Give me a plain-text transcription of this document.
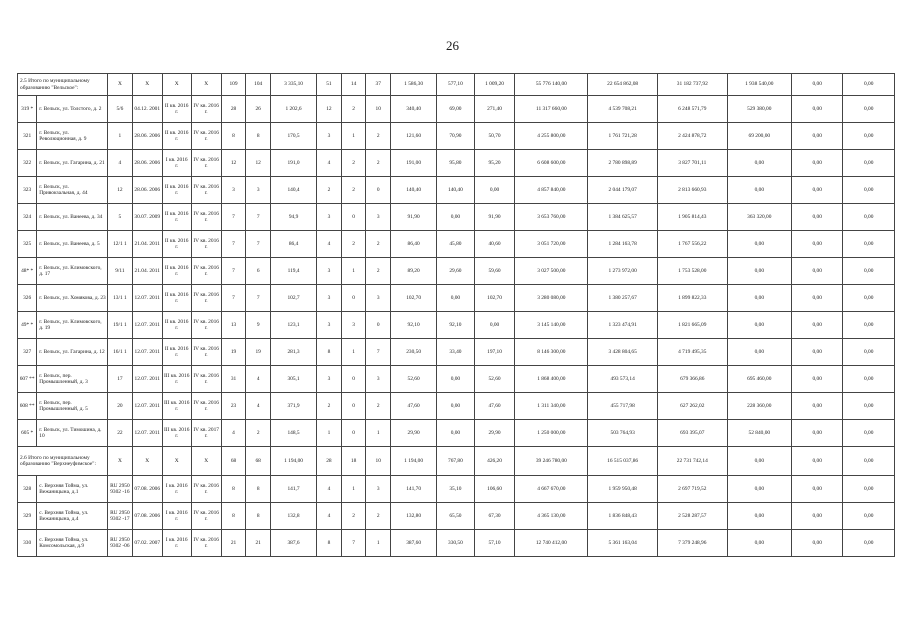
26
2.5 Итого по муниципальному образованию "Вельское":		X	X	X	X	109	104	3 335,10	51	14	37	1 586,30	577,10	1 009,20	55 776 140,00	22 654 862,08	31 182 737,92	1 938 540,00	0,00	0,00
319 *	г. Вельск, ул. Толстого, д. 2	5/6	04.12. 2001	II кв. 2016 г.	IV кв. 2016 г.	28	26	1 202,6	12	2	10	340,40	69,00	271,40	11 317 660,00	4 539 708,21	6 248 571,79	529 380,00	0,00	0,00
321	г. Вельск, ул. Революционная, д. 9	1	28.06. 2006	II кв. 2016 г.	IV кв. 2016 г.	8	8	170,5	3	1	2	121,60	70,90	50,70	4 255 800,00	1 761 721,28	2 424 878,72	69 200,00	0,00	0,00
322	г. Вельск, ул. Гагарина, д. 21	4	28.06. 2006	I кв. 2016 г.	IV кв. 2016 г.	12	12	191,0	4	2	2	191,00	95,80	95,20	6 608 600,00	2 780 898,89	3 827 701,11	0,00	0,00	0,00
323	г. Вельск, ул. Привокзальная, д. 44	12	28.06. 2006	II кв. 2016 г.	IV кв. 2016 г.	3	3	140,4	2	2	0	140,40	140,40	0,00	4 857 840,00	2 044 179,07	2 813 660,93	0,00	0,00	0,00
324	г. Вельск, ул. Ванеева, д. 34	5	30.07. 2009	II кв. 2016 г.	IV кв. 2016 г.	7	7	94,9	3	0	3	91,90	0,00	91,90	3 653 760,00	1 384 625,57	1 905 814,43	363 320,00	0,00	0,00
325	г. Вельск, ул. Ванеева, д. 5	12/1 1	21.04. 2011	II кв. 2016 г.	IV кв. 2016 г.	7	7	86,4	4	2	2	86,40	45,80	40,60	3 051 720,00	1 284 163,78	1 767 556,22	0,00	0,00	0,00
48* *	г. Вельск, ул. Климовского, д. 17	9/11	21.04. 2011	II кв. 2016 г.	IV кв. 2016 г.	7	6	119,4	3	1	2	89,20	29,60	59,60	3 027 500,00	1 273 972,00	1 753 528,00	0,00	0,00	0,00
326	г. Вельск, ул. Хомякова, д. 23	13/1 1	12.07. 2011	II кв. 2016 г.	IV кв. 2016 г.	7	7	102,7	3	0	3	102,70	0,00	102,70	3 280 080,00	1 380 257,67	1 899 822,33	0,00	0,00	0,00
49* *	г. Вельск, ул. Климовского, д. 19	19/1 1	12.07. 2011	II кв. 2016 г.	IV кв. 2016 г.	13	9	123,1	3	3	0	92,10	92,10	0,00	3 145 140,00	1 323 474,91	1 821 665,09	0,00	0,00	0,00
327	г. Вельск, ул. Гагарина, д. 12	16/1 1	12.07. 2011	II кв. 2016 г.	IV кв. 2016 г.	19	19	281,3	8	1	7	230,50	33,40	197,10	8 146 300,00	3 428 804,65	4 719 495,35	0,00	0,00	0,00
607 **	г. Вельск, пер. Промышленный, д. 3	17	12.07. 2011	III кв. 2016 г.	IV кв. 2016 г.	31	4	305,1	3	0	3	52,60	0,00	52,60	1 868 400,00	493 573,14	679 366,86	695 460,00	0,00	0,00
608 **	г. Вельск, пер. Промышленный, д. 5	20	12.07. 2011	III кв. 2016 г.	IV кв. 2016 г.	23	4	371,9	2	0	2	47,60	0,00	47,60	1 311 340,00	455 717,98	627 262,02	228 360,00	0,00	0,00
605 *	г. Вельск, ул. Тимошина, д. 10	22	12.07. 2011	III кв. 2016 г.	IV кв. 2017 г.	4	2	148,5	1	0	1	29,90	0,00	29,90	1 250 000,00	503 764,93	693 395,07	52 840,00	0,00	0,00
2.6 Итого по муниципальному образованию "Верхнеуфимское":		X	X	X	X	68	68	1 194,00	28	18	10	1 194,00	767,80	426,20	39 246 780,00	16 515 037,86	22 731 742,14	0,00	0,00	0,00
328	с. Верхняя Тойма, ул. Вежаницына, д.1	RU 2950 9302 -16	07.08. 2006	I кв. 2016 г.	IV кв. 2016 г.	8	8	141,7	4	1	3	141,70	35,10	106,60	4 667 670,00	1 959 950,48	2 697 719,52	0,00	0,00	0,00
329	с. Верхняя Тойма, ул. Вежаницына, д.4	RU 2950 9302 -17	07.08. 2006	I кв. 2016 г.	IV кв. 2016 г.	8	8	132,8	4	2	2	132,80	65,50	67,30	4 365 130,00	1 836 848,43	2 528 287,57	0,00	0,00	0,00
330	с. Верхняя Тойма, ул. Комсомольская, д.9	RU 2950 9302 -06	07.02. 2007	I кв. 2016 г.	IV кв. 2016 г.	21	21	387,6	8	7	1	387,60	330,50	57,10	12 740 412,00	5 361 163,04	7 379 248,96	0,00	0,00	0,00
